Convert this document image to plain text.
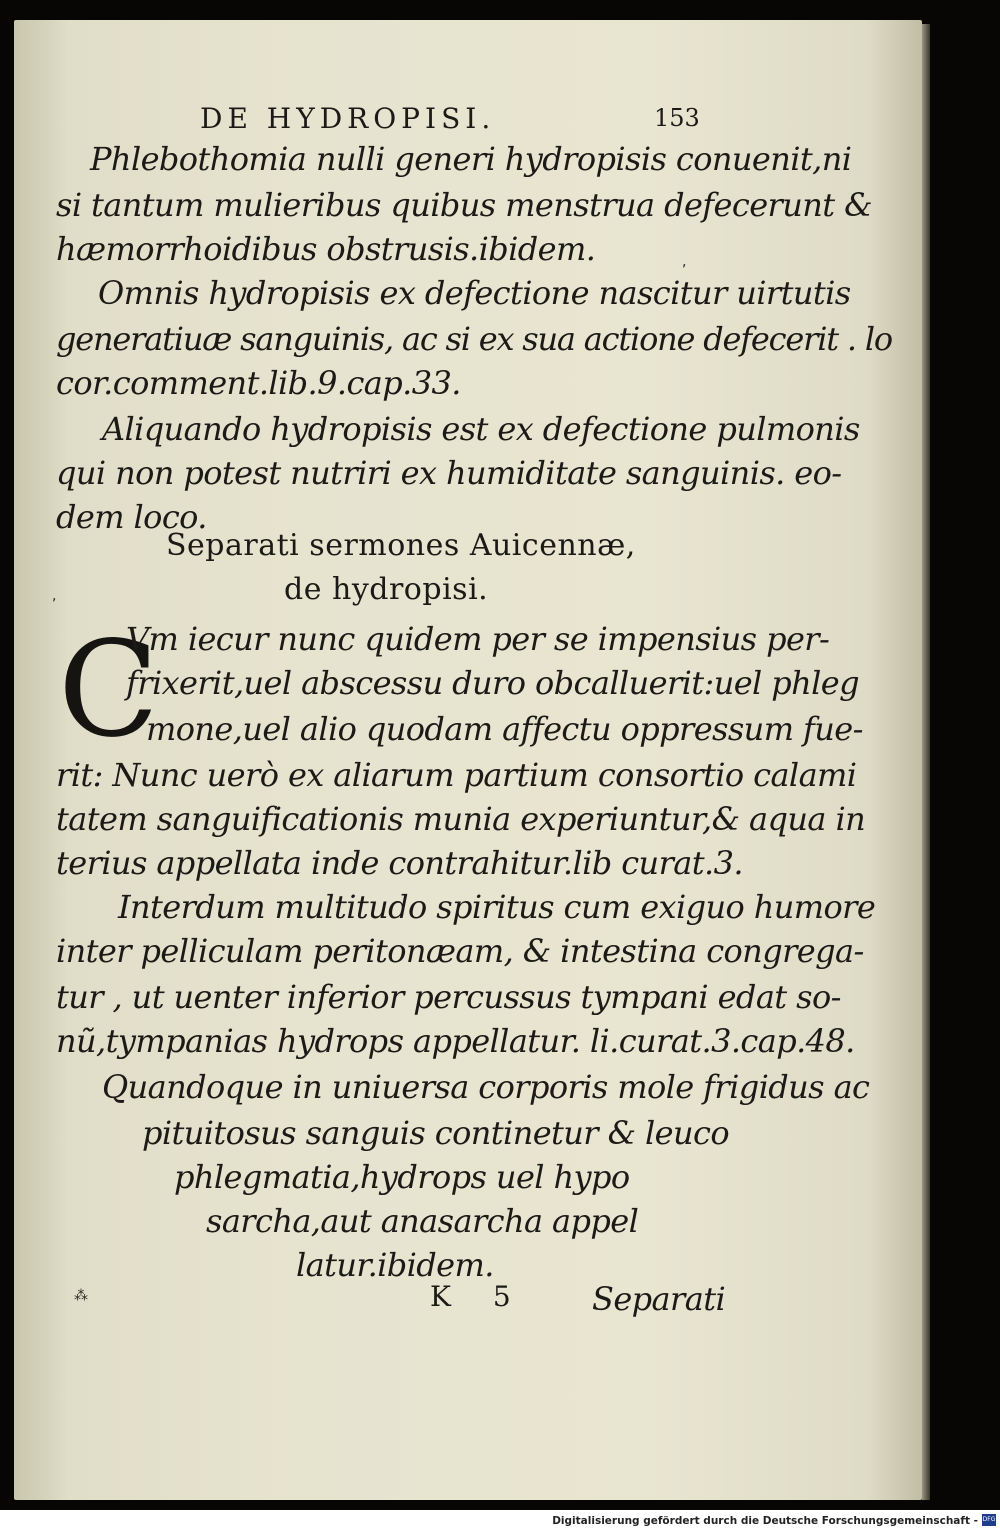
DE HYDROPISI.	153

Phlebothomia nulli generi hydropisis conuenit,ni

si tantum mulieribus quibus menstrua defecerunt &

hæmorrhoidibus obstrusis.ibidem.

Omnis hydropisis ex defectione nascitur uirtutis

generatiuæ sanguinis, ac si ex sua actione defecerit . lo

cor.comment.lib.9.cap.33.

Aliquando hydropisis est ex defectione pulmonis

qui non potest nutriri ex humiditate sanguinis. eo-

dem loco.

Separati sermones Auicennæ,

de hydropisi.

C

Vm iecur nunc quidem per se impensius per-

frixerit,uel abscessu duro obcalluerit:uel phleg

mone,uel alio quodam affectu oppressum fue-

rit: Nunc uerò ex aliarum partium consortio calami

tatem sanguificationis munia experiuntur,& aqua in

terius appellata inde contrahitur.lib curat.3.

Interdum multitudo spiritus cum exiguo humore

inter pelliculam peritonæam, & intestina congrega-

tur , ut uenter inferior percussus tympani edat so-

nũ,tympanias hydrops appellatur. li.curat.3.cap.48.

Quandoque in uniuersa corporis mole frigidus ac

pituitosus sanguis continetur & leuco

phlegmatia,hydrops uel hypo

sarcha,aut anasarcha appel

latur.ibidem.

K 5	Separati

⁂
,
,

Digitalisierung gefördert durch die Deutsche Forschungsgemeinschaft - DFG
